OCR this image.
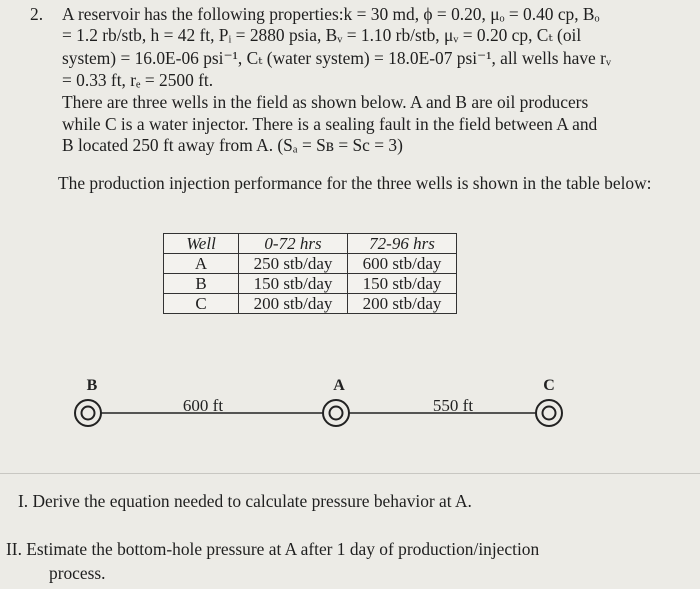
2. A reservoir has the following properties:k = 30 md, ϕ = 0.20, μₒ = 0.40 cp, Bₒ
= 1.2 rb/stb, h = 42 ft, Pᵢ = 2880 psia, Bᵥ = 1.10 rb/stb, μᵥ = 0.20 cp, Cₜ (oil
system) = 16.0E-06 psi⁻¹, Cₜ (water system) = 18.0E-07 psi⁻¹, all wells have rᵥ
= 0.33 ft, rₑ = 2500 ft.
There are three wells in the field as shown below. A and B are oil producers
while C is a water injector. There is a sealing fault in the field between A and
B located 250 ft away from A. (Sₐ = Sʙ = Sc = 3)
The production injection performance for the three wells is shown in the table below:
Well	0-72 hrs	72-96 hrs
A	250 stb/day	600 stb/day
B	150 stb/day	150 stb/day
C	200 stb/day	200 stb/day
B
600 ft
A
550 ft
C
I. Derive the equation needed to calculate pressure behavior at A.
II. Estimate the bottom-hole pressure at A after 1 day of production/injection
process.
